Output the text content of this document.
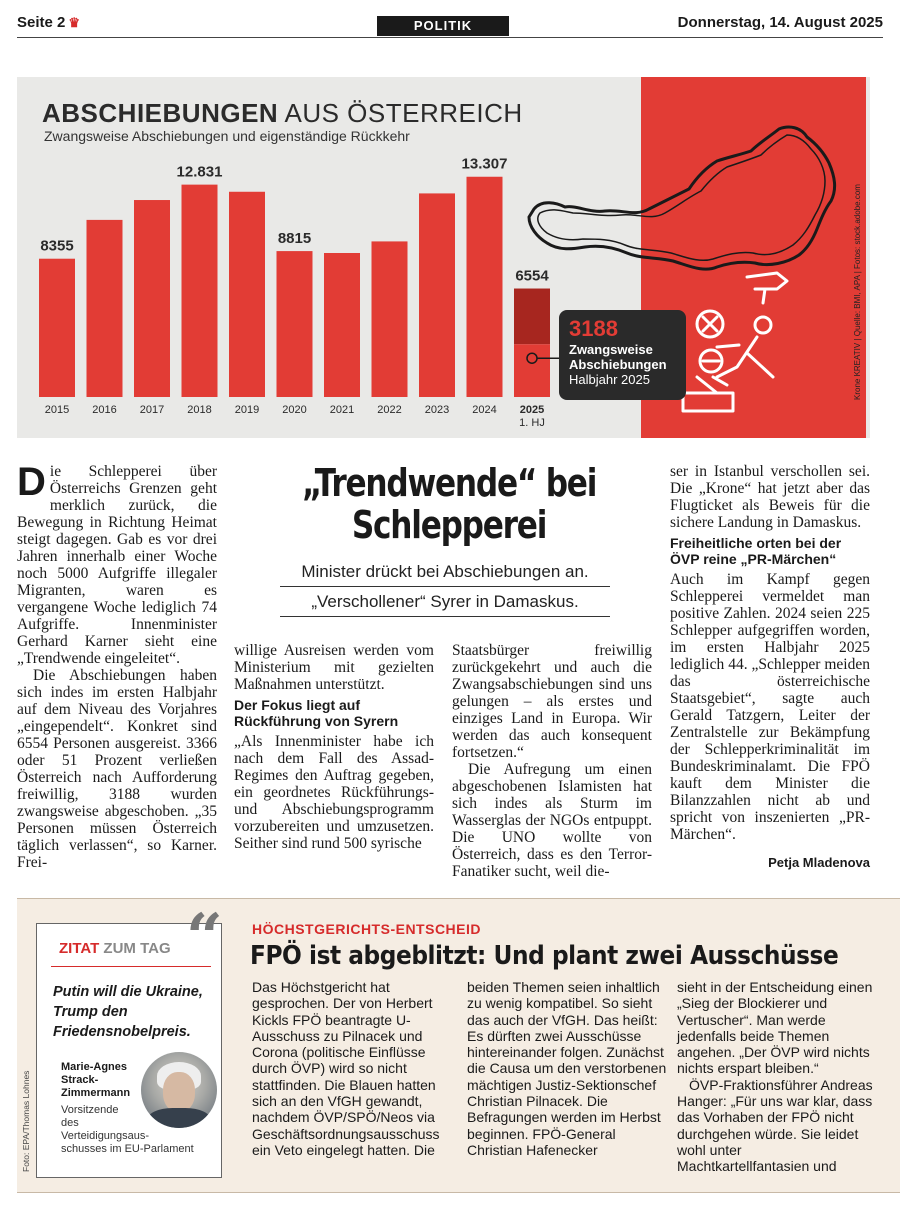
Seite 2 ♛	POLITIK	Donnerstag, 14. August 2025
8355
2015 2016 2017
12.831
2018 2019
8815
2020 2021 2022 2023
13.307
2024
6554
2025
1. HJ
ABSCHIEBUNGEN AUS ÖSTERREICH
Zwangsweise Abschiebungen und eigenständige Rückkehr
3188
Zwangsweise
Abschiebungen
Halbjahr 2025	Krone KREATIV | Quelle: BMI, APA | Fotos: stock.adobe.com

Die Schlepperei über Österreichs Grenzen geht merklich zurück, die Bewegung in Richtung Heimat steigt dagegen. Gab es vor drei Jahren innerhalb einer Woche noch 5000 Aufgriffe illegaler Migranten, waren es vergangene Woche lediglich 74 Aufgriffe. Innenminister Gerhard Karner sieht eine „Trendwende eingeleitet“.

Die Abschiebungen haben sich indes im ersten Halbjahr auf dem Niveau des Vorjahres „eingependelt“. Konkret sind 6554 Personen ausgereist. 3366 oder 51 Prozent verließen Österreich nach Aufforderung freiwillig, 3188 wurden zwangsweise abgeschoben. „35 Personen müssen Österreich täglich verlassen“, so Karner. Frei-

„Trendwende“ bei Schlepperei
Minister drückt bei Abschiebungen an.
„Verschollener“ Syrer in Damaskus.

willige Ausreisen werden vom Ministerium mit gezielten Maßnahmen unterstützt.

Der Fokus liegt auf Rückführung von Syrern

„Als Innenminister habe ich nach dem Fall des Assad-Regimes den Auftrag gegeben, ein geordnetes Rückführungs- und Abschiebungsprogramm vorzubereiten und umzusetzen. Seither sind rund 500 syrische

Staatsbürger freiwillig zurückgekehrt und auch die Zwangsabschiebungen sind uns gelungen – als erstes und einziges Land in Europa. Wir werden das auch konsequent fortsetzen.“

Die Aufregung um einen abgeschobenen Islamisten hat sich indes als Sturm im Wasserglas der NGOs entpuppt. Die UNO wollte von Österreich, dass es den Terror-Fanatiker sucht, weil die-

ser in Istanbul verschollen sei. Die „Krone“ hat jetzt aber das Flugticket als Beweis für die sichere Landung in Damaskus.

Freiheitliche orten bei der ÖVP reine „PR-Märchen“

Auch im Kampf gegen Schlepperei vermeldet man positive Zahlen. 2024 seien 225 Schlepper aufgegriffen worden, im ersten Halbjahr 2025 lediglich 44. „Schlepper meiden das österreichische Staatsgebiet“, sagte auch Gerald Tatzgern, Leiter der Zentralstelle zur Bekämpfung der Schlepperkriminalität im Bundeskriminalamt. Die FPÖ kauft dem Minister die Bilanzzahlen nicht ab und spricht von inszenierten „PR-Märchen“.

Petja Mladenova
ZITAT ZUM TAG
Putin will die Ukraine, Trump den Friedensnobelpreis.
Marie-Agnes Strack-Zimmermann
Vorsitzende des Verteidigungsaus-
schusses im EU-Parlament
Foto: EPA/Thomas Lohnes
“ HÖCHSTGERICHTS-ENTSCHEID
FPÖ ist abgeblitzt: Und plant zwei Ausschüsse

Das Höchstgericht hat gesprochen. Der von Herbert Kickls FPÖ beantragte U-Ausschuss zu Pilnacek und Corona (politische Einflüsse durch ÖVP) wird so nicht stattfinden. Die Blauen hatten sich an den VfGH gewandt, nachdem ÖVP/SPÖ/Neos via Geschäftsordnungsausschuss ein Veto eingelegt hatten. Die

beiden Themen seien inhaltlich zu wenig kompatibel. So sieht das auch der VfGH. Das heißt: Es dürften zwei Ausschüsse hintereinander folgen. Zunächst die Causa um den verstorbenen mächtigen Justiz-Sektionschef Christian Pilnacek. Die Befragungen werden im Herbst beginnen. FPÖ-General Christian Hafenecker

sieht in der Entscheidung einen „Sieg der Blockierer und Vertuscher“. Man werde jedenfalls beide Themen angehen. „Der ÖVP wird nichts nichts erspart bleiben.“

ÖVP-Fraktionsführer Andreas Hanger: „Für uns war klar, dass das Vorhaben der FPÖ nicht durchgehen würde. Sie leidet wohl unter Machtkartellfantasien und
